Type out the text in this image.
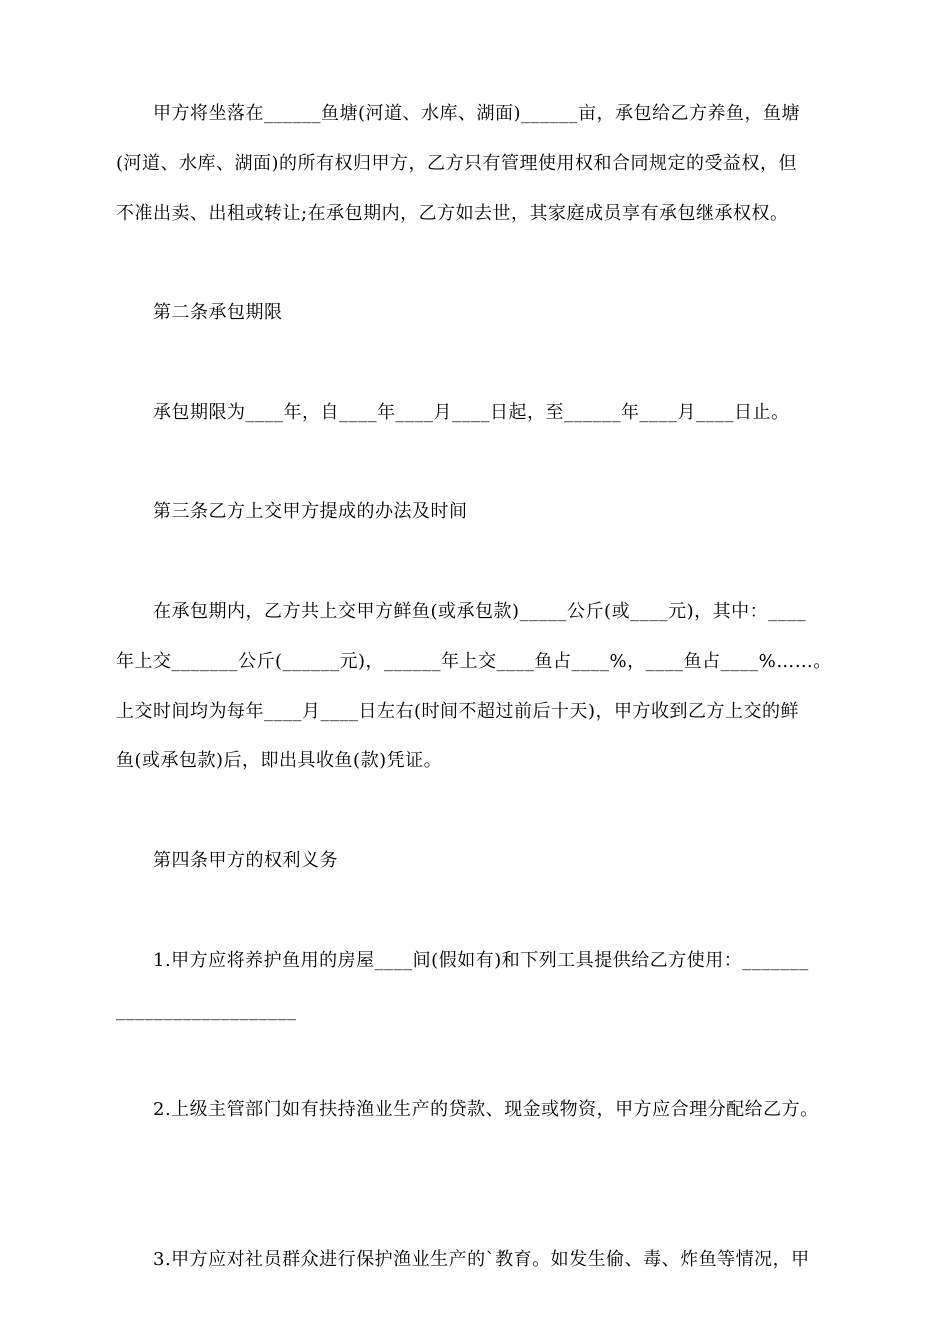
甲方将坐落在______鱼塘(河道、水库、湖面)______亩，承包给乙方养鱼，鱼塘
(河道、水库、湖面)的所有权归甲方，乙方只有管理使用权和合同规定的受益权，但
不准出卖、出租或转让;在承包期内，乙方如去世，其家庭成员享有承包继承权权。
第二条承包期限
承包期限为____年，自____年____月____日起，至______年____月____日止。
第三条乙方上交甲方提成的办法及时间
在承包期内，乙方共上交甲方鲜鱼(或承包款)_____公斤(或____元)，其中：____
年上交_______公斤(______元)，______年上交____鱼占____%，____鱼占____%……。
上交时间均为每年____月____日左右(时间不超过前后十天)，甲方收到乙方上交的鲜
鱼(或承包款)后，即出具收鱼(款)凭证。
第四条甲方的权利义务
1.甲方应将养护鱼用的房屋____间(假如有)和下列工具提供给乙方使用：_______
___________________
2.上级主管部门如有扶持渔业生产的贷款、现金或物资，甲方应合理分配给乙方。
3.甲方应对社员群众进行保护渔业生产的`教育。如发生偷、毒、炸鱼等情况，甲
